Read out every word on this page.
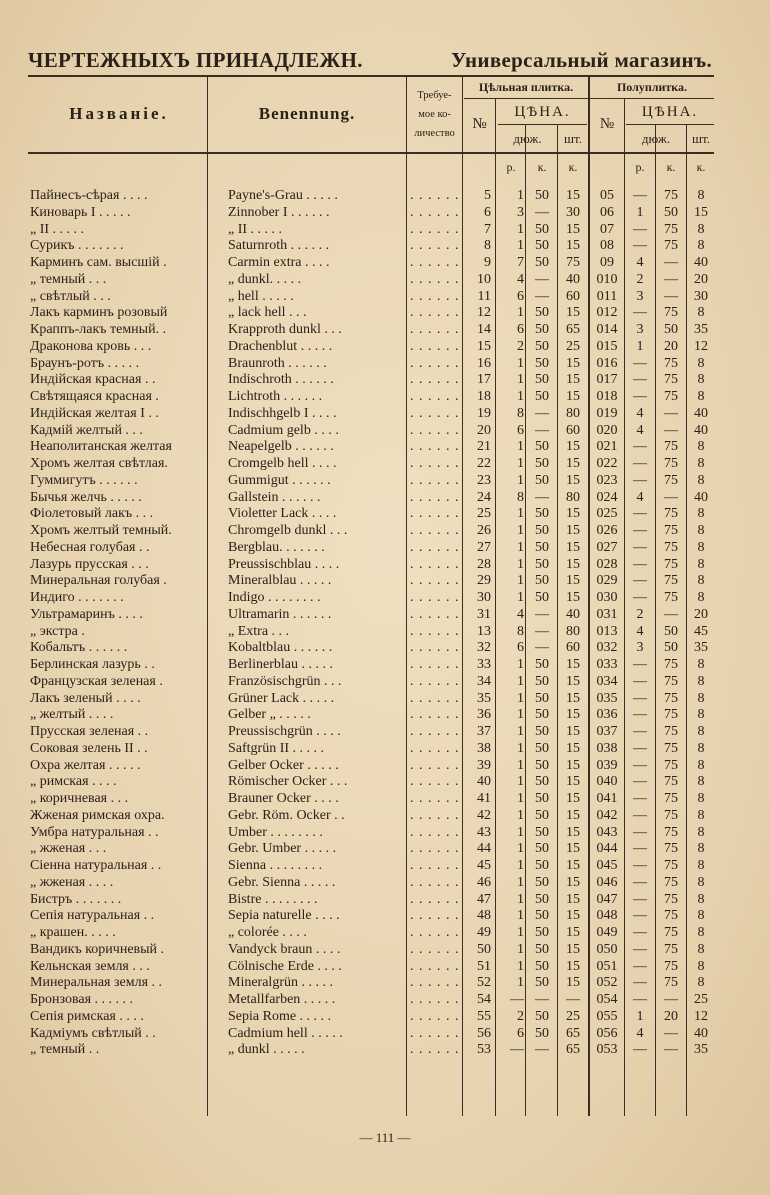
ЧЕРТЕЖНЫХЪ ПРИНАДЛЕЖН.	Универсальный магазинъ.
Названiе.	Benennung.
Требуе-
мое ко-
личество
Цѣльная плитка.	Полуплитка.
№	№
ЦѢНА.	ЦѢНА.
дюж.	шт.	дюж.	шт.
р.	к.	к.	р.	к.	к.
Пайнесъ-сѣрая . . . .	Payne's-Grau . . . . .	5	1 50	15	05	—	75	8
. . . . . .
Киноварь I . . . . .	Zinnober I . . . . . .	6	3 —	30	06	1	50	15
. . . . . .
„ II . . . . .	„ II . . . . .	7	1 50	15	07	—	75	8
. . . . . .
Сурикъ . . . . . . .	Saturnroth . . . . . .	8	1 50	15	08	—	75	8
. . . . . .
Карминъ сам. высшiй .	Carmin extra . . . .	9	7 50	75	09	4	—	40
. . . . . .
„ темный . . .	„ dunkl. . . . .	10	4 —	40	010	2	—	20
. . . . . .
„ свѣтлый . . .	„ hell . . . . .	11	6 —	60	011	3	—	30
. . . . . .
Лакъ карминъ розовый	„ lack hell . . .	12	1 50	15	012	—	75	8
. . . . . .
Краппъ-лакъ темный. .	Krapproth dunkl . . .	14	6 50	65	014	3	50	35
. . . . . .
Драконова кровь . . .	Drachenblut . . . . .	15	2 50	25	015	1	20	12
. . . . . .
Браунъ-ротъ . . . . .	Braunroth . . . . . .	16	1 50	15	016	—	75	8
. . . . . .
Индiйская красная . .	Indischroth . . . . . .	17	1 50	15	017	—	75	8
. . . . . .
Свѣтящаяся красная .	Lichtroth . . . . . .	18	1 50	15	018	—	75	8
. . . . . .
Индiйская желтая I . .	Indischhgelb I . . . .	19	8 —	80	019	4	—	40
. . . . . .
Кадмiй желтый . . .	Cadmium gelb . . . .	20	6 —	60	020	4	—	40
. . . . . .
Неаполитанская желтая	Neapelgelb . . . . . .	21	1 50	15	021	—	75	8
. . . . . .
Хромъ желтая свѣтлая.	Cromgelb hell . . . .	22	1 50	15	022	—	75	8
. . . . . .
Гуммигутъ . . . . . .	Gummigut . . . . . .	23	1 50	15	023	—	75	8
. . . . . .
Бычья желчь . . . . .	Gallstein . . . . . .	24	8 —	80	024	4	—	40
. . . . . .
Фiолетовый лакъ . . .	Violetter Lack . . . .	25	1 50	15	025	—	75	8
. . . . . .
Хромъ желтый темный.	Chromgelb dunkl . . .	26	1 50	15	026	—	75	8
. . . . . .
Небесная голубая . .	Bergblau. . . . . . .	27	1 50	15	027	—	75	8
. . . . . .
Лазурь прусская . . .	Preussischblau . . . .	28	1 50	15	028	—	75	8
. . . . . .
Минеральная голубая .	Mineralblau . . . . .	29	1 50	15	029	—	75	8
. . . . . .
Индиго . . . . . . .	Indigo . . . . . . . .	30	1 50	15	030	—	75	8
. . . . . .
Ультрамаринъ . . . .	Ultramarin . . . . . .	31	4 —	40	031	2	—	20
. . . . . .
„ экстра .	„ Extra . . .	13	8 —	80	013	4	50	45
. . . . . .
Кобальтъ . . . . . .	Kobaltblau . . . . . .	32	6 —	60	032	3	50	35
. . . . . .
Берлинская лазурь . .	Berlinerblau . . . . .	33	1 50	15	033	—	75	8
. . . . . .
Французская зеленая .	Französischgrün . . .	34	1 50	15	034	—	75	8
. . . . . .
Лакъ зеленый . . . .	Grüner Lack . . . . .	35	1 50	15	035	—	75	8
. . . . . .
„ желтый . . . .	Gelber „ . . . . .	36	1 50	15	036	—	75	8
. . . . . .
Прусская зеленая . .	Preussischgrün . . . .	37	1 50	15	037	—	75	8
. . . . . .
Соковая зелень II . .	Saftgrün II . . . . .	38	1 50	15	038	—	75	8
. . . . . .
Охра желтая . . . . .	Gelber Ocker . . . . .	39	1 50	15	039	—	75	8
. . . . . .
„ римская . . . .	Römischer Ocker . . .	40	1 50	15	040	—	75	8
. . . . . .
„ коричневая . . .	Brauner Ocker . . . .	41	1 50	15	041	—	75	8
. . . . . .
Жженая римская охра.	Gebr. Röm. Ocker . .	42	1 50	15	042	—	75	8
. . . . . .
Умбра натуральная . .	Umber . . . . . . . .	43	1 50	15	043	—	75	8
. . . . . .
„ жженая . . .	Gebr. Umber . . . . .	44	1 50	15	044	—	75	8
. . . . . .
Сiенна натуральная . .	Sienna . . . . . . . .	45	1 50	15	045	—	75	8
. . . . . .
„ жженая . . . .	Gebr. Sienna . . . . .	46	1 50	15	046	—	75	8
. . . . . .
Бистръ . . . . . . .	Bistre . . . . . . . .	47	1 50	15	047	—	75	8
. . . . . .
Сепiя натуральная . .	Sepia naturelle . . . .	48	1 50	15	048	—	75	8
. . . . . .
„ крашен. . . . .	„ colorée . . . .	49	1 50	15	049	—	75	8
. . . . . .
Вандикъ коричневый .	Vandyck braun . . . .	50	1 50	15	050	—	75	8
. . . . . .
Кельнская земля . . .	Cölnische Erde . . . .	51	1 50	15	051	—	75	8
. . . . . .
Минеральная земля . .	Mineralgrün . . . . .	52	1 50	15	052	—	75	8
. . . . . .
Бронзовая . . . . . .	Metallfarben . . . . .	54	— —	—	054	—	—	25
. . . . . .
Сепiя римская . . . .	Sepia Rome . . . . .	55	2 50	25	055	1	20	12
. . . . . .
Кадмiумъ свѣтлый . .	Cadmium hell . . . . .	56	6 50	65	056	4	—	40
. . . . . .
„ темный . .	„ dunkl . . . . .	53	— —	65	053	—	—	35
. . . . . .
— 111 —
